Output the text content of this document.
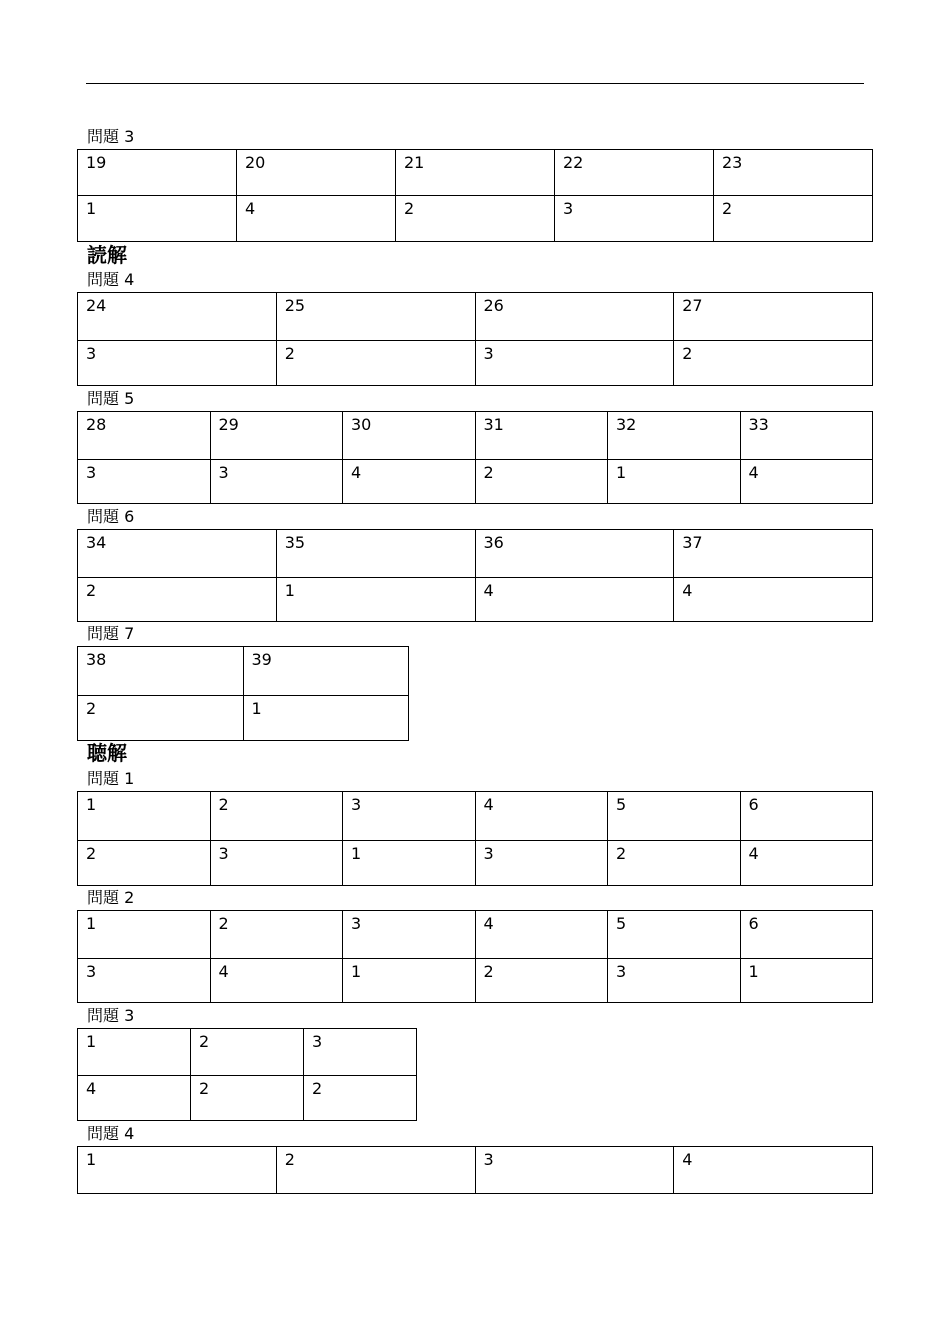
問題 3
19	20	21	22	23
1	4	2	3	2
読解
問題 4
24	25	26	27
3	2	3	2
問題 5
28	29	30	31	32	33
3	3	4	2	1	4
問題 6
34	35	36	37
2	1	4	4
問題 7
38	39
2	1
聴解
問題 1
1	2	3	4	5	6
2	3	1	3	2	4
問題 2
1	2	3	4	5	6
3	4	1	2	3	1
問題 3
1	2	3
4	2	2
問題 4
1	2	3	4
